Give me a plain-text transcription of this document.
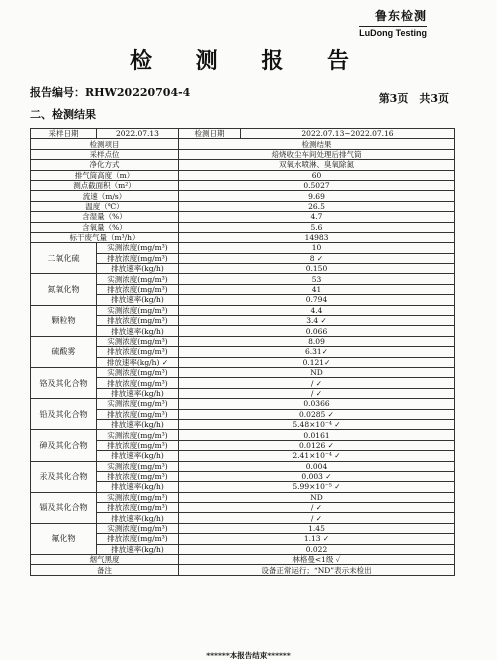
鲁东检测
LuDong Testing
检 测 报 告
报告编号：RHW20220704-4	第3页　共3页
二、检测结果
采样日期	2022.07.13	检测日期	2022.07.13~2022.07.16
检测项目		检测结果	
采样点位		焙烧收尘车间处理后排气筒	
净化方式		双氧水喷淋、臭氧除氮	
排气筒高度（m）		60	
测点截面积（m²）		0.5027	
流速（m/s）		9.69	
温度（℃）		26.5	
含湿量（%）		4.7	
含氧量（%）		5.6	
标干废气量（m³/h）		14983	
二氧化硫	实测浓度(mg/m³)	10	
	排放浓度(mg/m³)	8 ✓	
	排放速率(kg/h)	0.150	
氮氧化物	实测浓度(mg/m³)	53	
	排放浓度(mg/m³)	41	
	排放速率(kg/h)	0.794	
颗粒物	实测浓度(mg/m³)	4.4	
	排放浓度(mg/m³)	3.4 ✓	
	排放速率(kg/h)	0.066	
硫酸雾	实测浓度(mg/m³)	8.09	
	排放浓度(mg/m³)	6.31✓	
	排放速率(kg/h) ✓	0.121✓	
铬及其化合物	实测浓度(mg/m³)	ND	
	排放浓度(mg/m³)	/ ✓	
	排放速率(kg/h)	/ ✓	
铅及其化合物	实测浓度(mg/m³)	0.0366	
	排放浓度(mg/m³)	0.0285 ✓	
	排放速率(kg/h)	5.48×10⁻⁴ ✓	
砷及其化合物	实测浓度(mg/m³)	0.0161	
	排放浓度(mg/m³)	0.0126 ✓	
	排放速率(kg/h)	2.41×10⁻⁴ ✓	
汞及其化合物	实测浓度(mg/m³)	0.004	
	排放浓度(mg/m³)	0.003 ✓	
	排放速率(kg/h)	5.99×10⁻⁵ ✓	
镉及其化合物	实测浓度(mg/m³)	ND	
	排放浓度(mg/m³)	/ ✓	
	排放速率(kg/h)	/ ✓	
氟化物	实测浓度(mg/m³)	1.45	
	排放浓度(mg/m³)	1.13 ✓	
	排放速率(kg/h)	0.022	
烟气黑度		林格曼<1级 ✓	
备注		设备正常运行；“ND”表示未检出	
******本报告结束******
